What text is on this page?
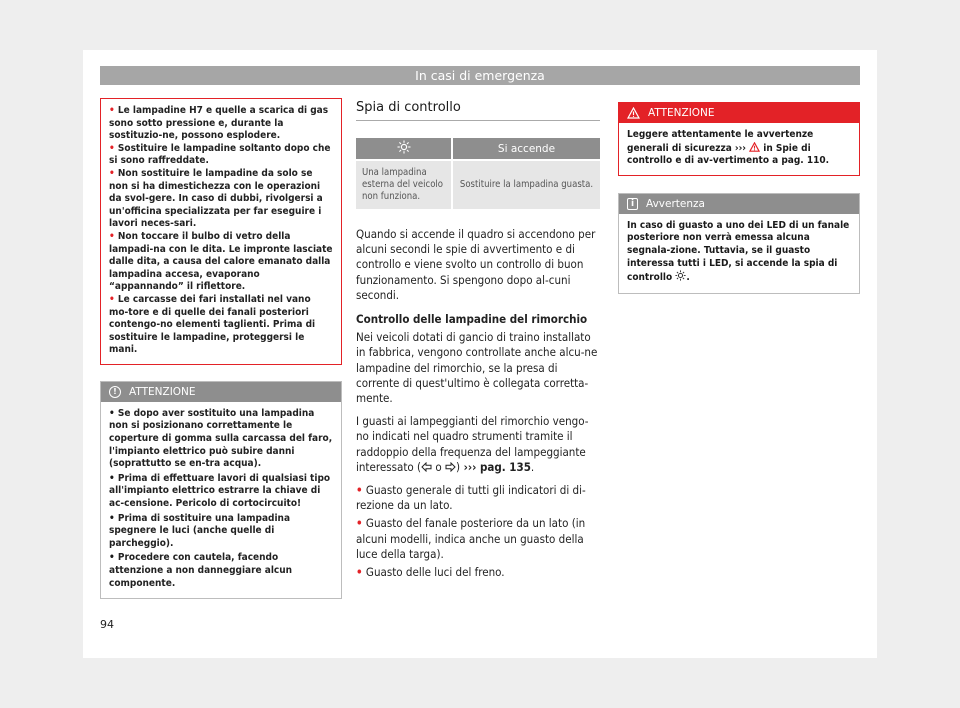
In casi di emergenza
• Le lampadine H7 e quelle a scarica di gas sono sotto pressione e, durante la sostituzio-ne, possono esplodere.
• Sostituire le lampadine soltanto dopo che si sono raffreddate.
• Non sostituire le lampadine da solo se non si ha dimestichezza con le operazioni da svol-gere. In caso di dubbi, rivolgersi a un'officina specializzata per far eseguire i lavori neces-sari.
• Non toccare il bulbo di vetro della lampadi-na con le dita. Le impronte lasciate dalle dita, a causa del calore emanato dalla lampadina accesa, evaporano “appannando” il riflettore.
• Le carcasse dei fari installati nel vano mo-tore e di quelle dei fanali posteriori contengo-no elementi taglienti. Prima di sostituire le lampadine, proteggersi le mani.
!	ATTENZIONE
• Se dopo aver sostituito una lampadina non si posizionano correttamente le coperture di gomma sulla carcassa del faro, l'impianto elettrico può subire danni (soprattutto se en-tra acqua).
• Prima di effettuare lavori di qualsiasi tipo all'impianto elettrico estrarre la chiave di ac-censione. Pericolo di cortocircuito!
• Prima di sostituire una lampadina spegnere le luci (anche quelle di parcheggio).
• Procedere con cautela, facendo attenzione a non danneggiare alcun componente.
Spia di controllo
	Si accende
Una lampadina esterna del veicolo non funziona.	Sostituire la lampadina guasta.
Quando si accende il quadro si accendono per alcuni secondi le spie di avvertimento e di controllo e viene svolto un controllo di buon funzionamento. Si spengono dopo al-cuni secondi.
Controllo delle lampadine del rimorchio
Nei veicoli dotati di gancio di traino installato in fabbrica, vengono controllate anche alcu-ne lampadine del rimorchio, se la presa di corrente di quest'ultimo è collegata corretta-mente.
I guasti ai lampeggianti del rimorchio vengo-no indicati nel quadro strumenti tramite il raddoppio della frequenza del lampeggiante interessato ( o ) ››› pag. 135.
• Guasto generale di tutti gli indicatori di di-rezione da un lato.
• Guasto del fanale posteriore da un lato (in alcuni modelli, indica anche un guasto della luce della targa).
• Guasto delle luci del freno.
ATTENZIONE
Leggere attentamente le avvertenze generali di sicurezza ›››  in Spie di controllo e di av-vertimento a pag. 110.
i	Avvertenza
In caso di guasto a uno dei LED di un fanale posteriore non verrà emessa alcuna segnala-zione. Tuttavia, se il guasto interessa tutti i LED, si accende la spia di controllo .
94
